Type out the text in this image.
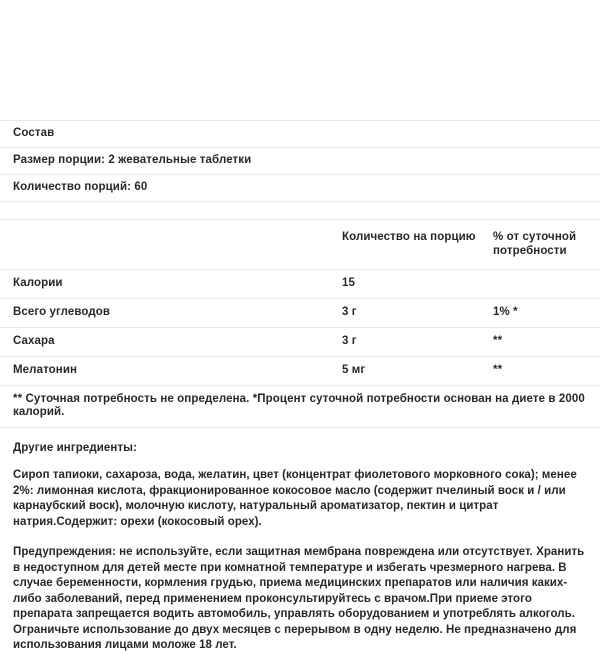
Состав
Размер порции: 2 жевательные таблетки
Количество порций: 60
	Количество на порцию	% от суточной потребности
Калории	15	
Всего углеводов	3 г	1% *
Сахара	3 г	**
Мелатонин	5 мг	**
** Суточная потребность не определена. *Процент суточной потребности основан на диете в 2000 калорий.
Другие ингредиенты:
Сироп тапиоки, сахароза, вода, желатин, цвет (концентрат фиолетового морковного сока); менее 2%: лимонная кислота, фракционированное кокосовое масло (содержит пчелиный воск и / или карнаубский воск), молочную кислоту, натуральный ароматизатор, пектин и цитрат натрия.Содержит: орехи (кокосовый орех).
Предупреждения: не используйте, если защитная мембрана повреждена или отсутствует. Хранить в недоступном для детей месте при комнатной температуре и избегать чрезмерного нагрева. В случае беременности, кормления грудью, приема медицинских препаратов или наличия каких-либо заболеваний, перед применением проконсультируйтесь с врачом.При приеме этого препарата запрещается водить автомобиль, управлять оборудованием и употреблять алкоголь. Ограничьте использование до двух месяцев с перерывом в одну неделю. Не предназначено для использования лицами моложе 18 лет.
